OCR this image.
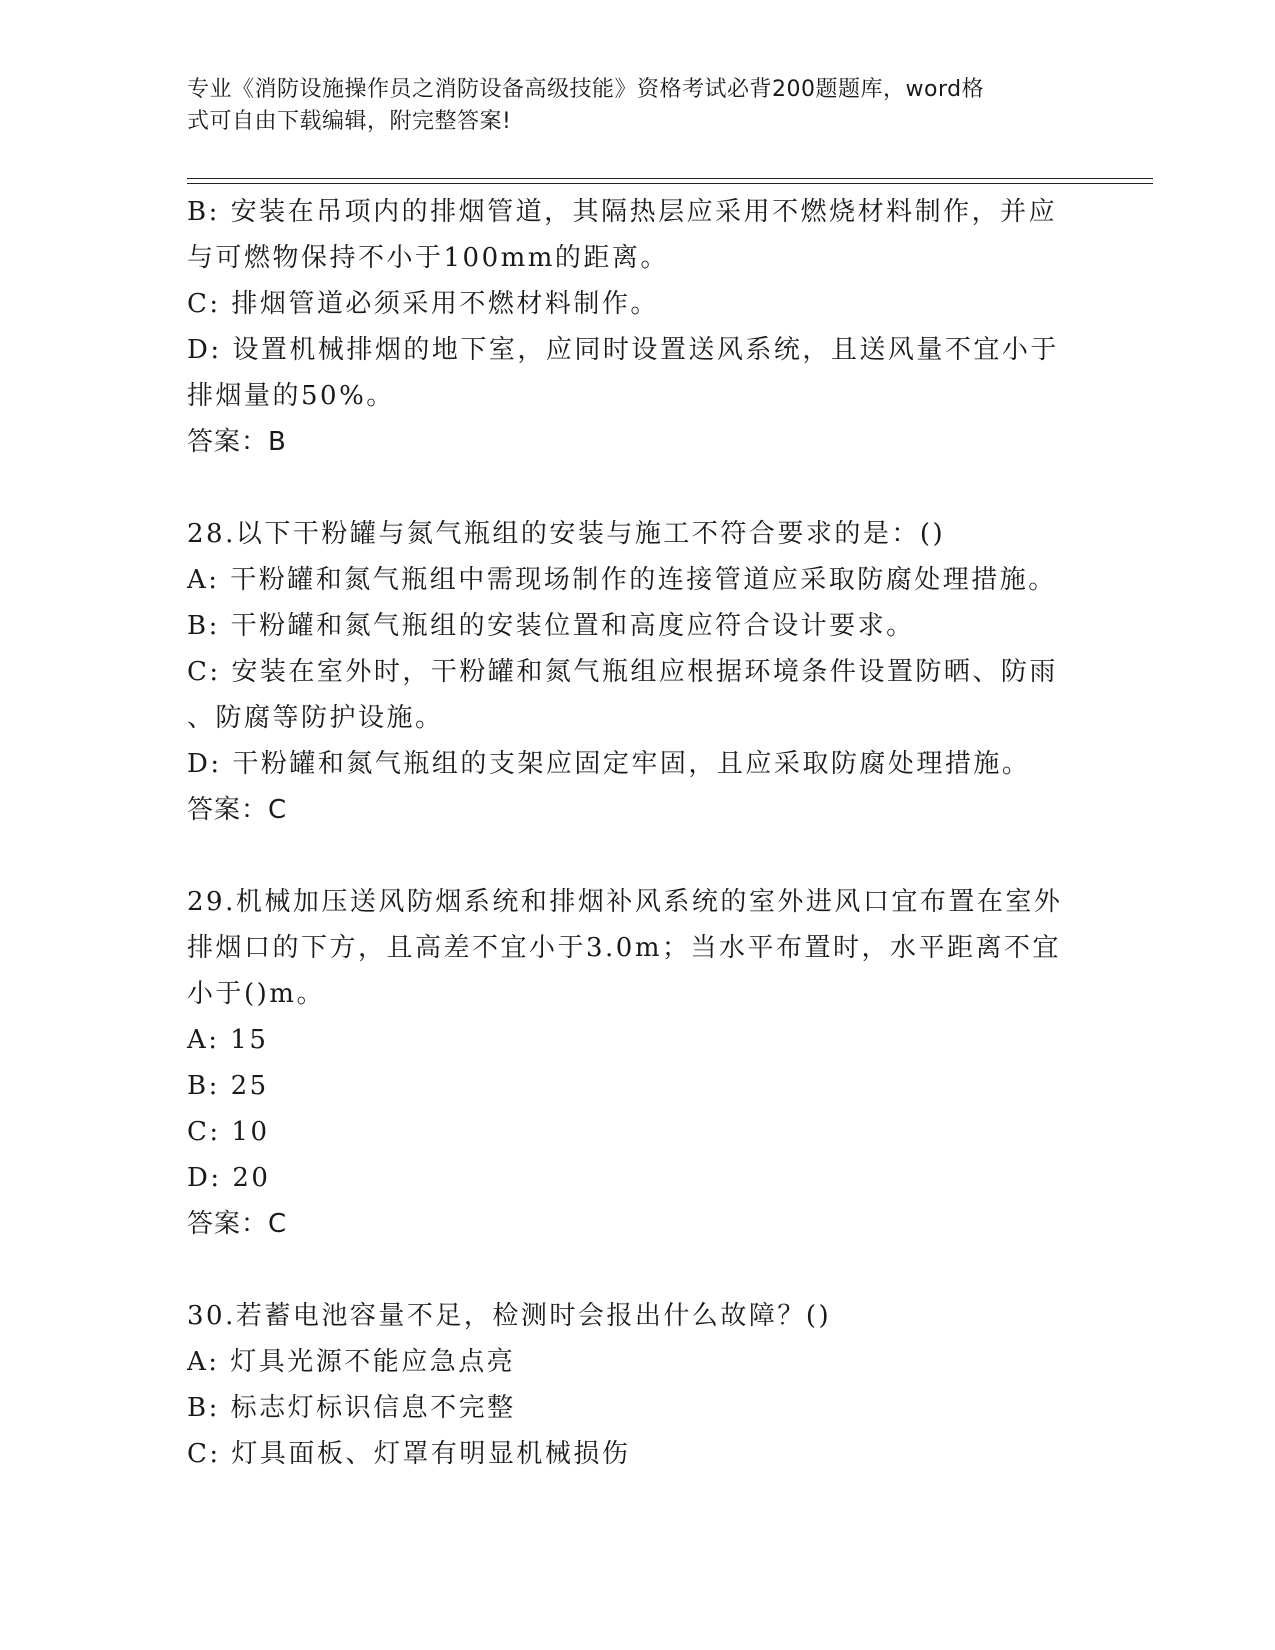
专业《消防设施操作员之消防设备高级技能》资格考试必背200题题库，word格
式可自由下载编辑，附完整答案!
B: 安装在吊项内的排烟管道，其隔热层应采用不燃烧材料制作，并应
与可燃物保持不小于100mm的距离。
C: 排烟管道必须采用不燃材料制作。
D: 设置机械排烟的地下室，应同时设置送风系统，且送风量不宜小于
排烟量的50%。
答案：B
28.以下干粉罐与氮气瓶组的安装与施工不符合要求的是：()
A: 干粉罐和氮气瓶组中需现场制作的连接管道应采取防腐处理措施。
B: 干粉罐和氮气瓶组的安装位置和高度应符合设计要求。
C: 安装在室外时，干粉罐和氮气瓶组应根据环境条件设置防晒、防雨
、防腐等防护设施。
D: 干粉罐和氮气瓶组的支架应固定牢固，且应采取防腐处理措施。
答案：C
29.机械加压送风防烟系统和排烟补风系统的室外进风口宜布置在室外
排烟口的下方，且高差不宜小于3.0m；当水平布置时，水平距离不宜
小于()m。
A: 15
B: 25
C: 10
D: 20
答案：C
30.若蓄电池容量不足，检测时会报出什么故障？()
A: 灯具光源不能应急点亮
B: 标志灯标识信息不完整
C: 灯具面板、灯罩有明显机械损伤
